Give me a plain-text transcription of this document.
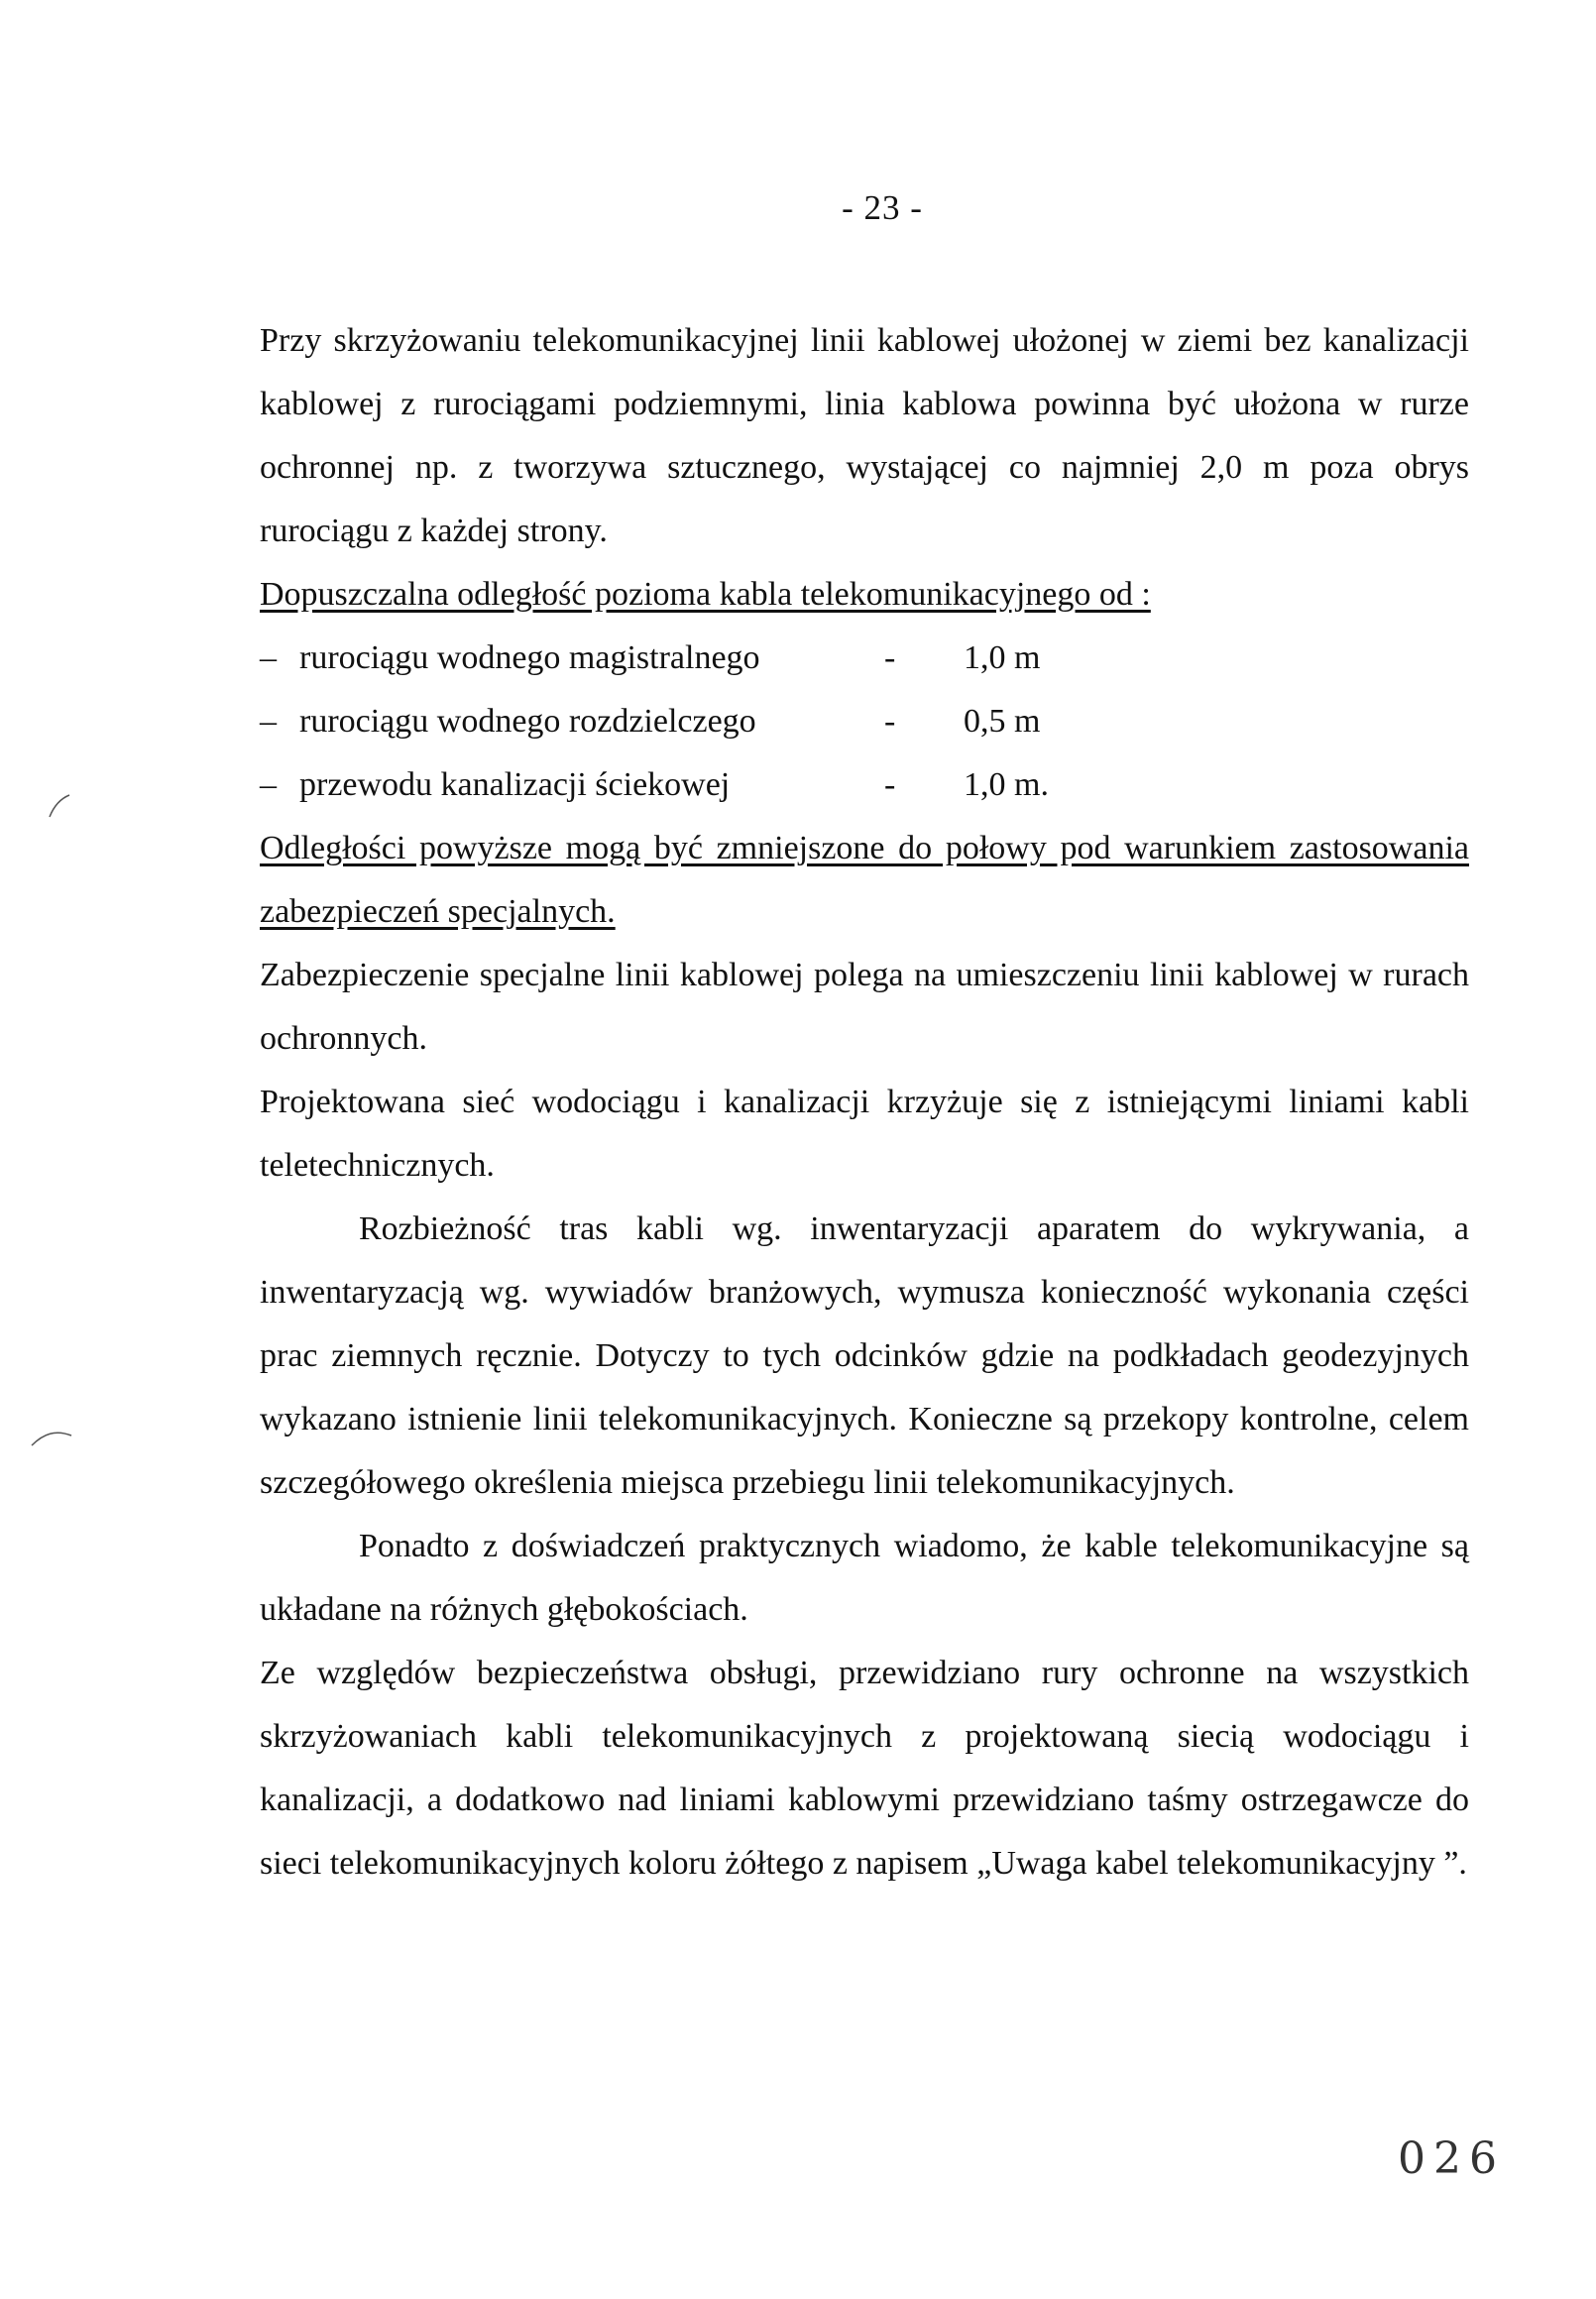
- 23 -

Przy skrzyżowaniu telekomunikacyjnej linii kablowej ułożonej w ziemi bez kanalizacji kablowej z rurociągami podziemnymi, linia kablowa powinna być ułożona w rurze ochronnej np. z tworzywa sztucznego, wystającej co najmniej 2,0 m poza obrys rurociągu z każdej strony.

Dopuszczalna odległość pozioma kabla telekomunikacyjnego od :

– rurociągu wodnego magistralnego	-	1,0 m
– rurociągu wodnego rozdzielczego	-	0,5 m
– przewodu kanalizacji ściekowej	-	1,0 m.

Odległości powyższe mogą być zmniejszone do połowy pod warunkiem zastosowania zabezpieczeń specjalnych.

Zabezpieczenie specjalne linii kablowej polega na umieszczeniu linii kablowej w rurach ochronnych.

Projektowana sieć wodociągu i kanalizacji krzyżuje się z istniejącymi liniami kabli teletechnicznych.

Rozbieżność tras kabli wg. inwentaryzacji aparatem do wykrywania, a inwentaryzacją wg. wywiadów branżowych, wymusza konieczność wykonania części prac ziemnych ręcznie. Dotyczy to tych odcinków gdzie na podkładach geodezyjnych wykazano istnienie linii telekomunikacyjnych. Konieczne są przekopy kontrolne, celem szczegółowego określenia miejsca przebiegu linii telekomunikacyjnych.

Ponadto z doświadczeń praktycznych wiadomo, że kable telekomunikacyjne są układane na różnych głębokościach.

Ze względów bezpieczeństwa obsługi, przewidziano rury ochronne na wszystkich skrzyżowaniach kabli telekomunikacyjnych z projektowaną siecią wodociągu i kanalizacji, a dodatkowo nad liniami kablowymi przewidziano taśmy ostrzegawcze do sieci telekomunikacyjnych koloru żółtego z napisem „Uwaga kabel telekomunikacyjny ”.

026
